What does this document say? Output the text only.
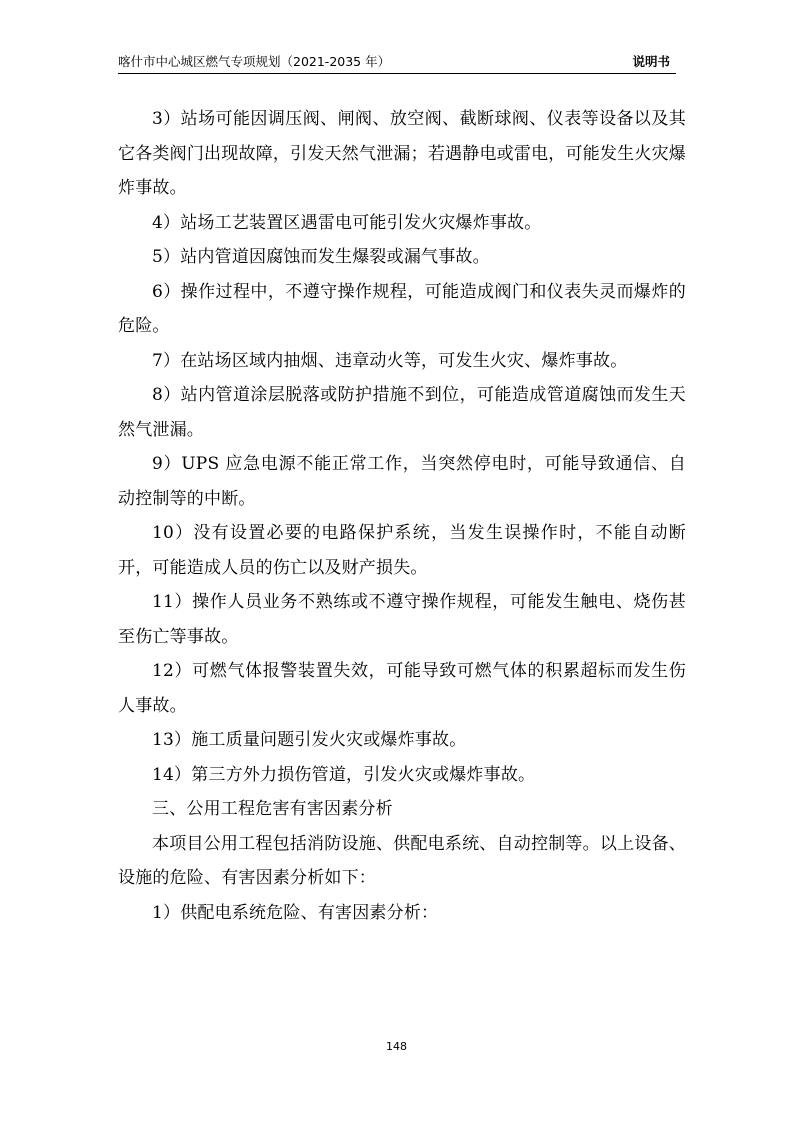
喀什市中心城区燃气专项规划（2021-2035 年）	说明书

3）站场可能因调压阀、闸阀、放空阀、截断球阀、仪表等设备以及其它各类阀门出现故障，引发天然气泄漏；若遇静电或雷电，可能发生火灾爆炸事故。

4）站场工艺装置区遇雷电可能引发火灾爆炸事故。

5）站内管道因腐蚀而发生爆裂或漏气事故。

6）操作过程中，不遵守操作规程，可能造成阀门和仪表失灵而爆炸的危险。

7）在站场区域内抽烟、违章动火等，可发生火灾、爆炸事故。

8）站内管道涂层脱落或防护措施不到位，可能造成管道腐蚀而发生天然气泄漏。

9）UPS 应急电源不能正常工作，当突然停电时，可能导致通信、自动控制等的中断。

10）没有设置必要的电路保护系统，当发生误操作时，不能自动断开，可能造成人员的伤亡以及财产损失。

11）操作人员业务不熟练或不遵守操作规程，可能发生触电、烧伤甚至伤亡等事故。

12）可燃气体报警装置失效，可能导致可燃气体的积累超标而发生伤人事故。

13）施工质量问题引发火灾或爆炸事故。

14）第三方外力损伤管道，引发火灾或爆炸事故。

三、公用工程危害有害因素分析

本项目公用工程包括消防设施、供配电系统、自动控制等。以上设备、设施的危险、有害因素分析如下：

1）供配电系统危险、有害因素分析：

148
